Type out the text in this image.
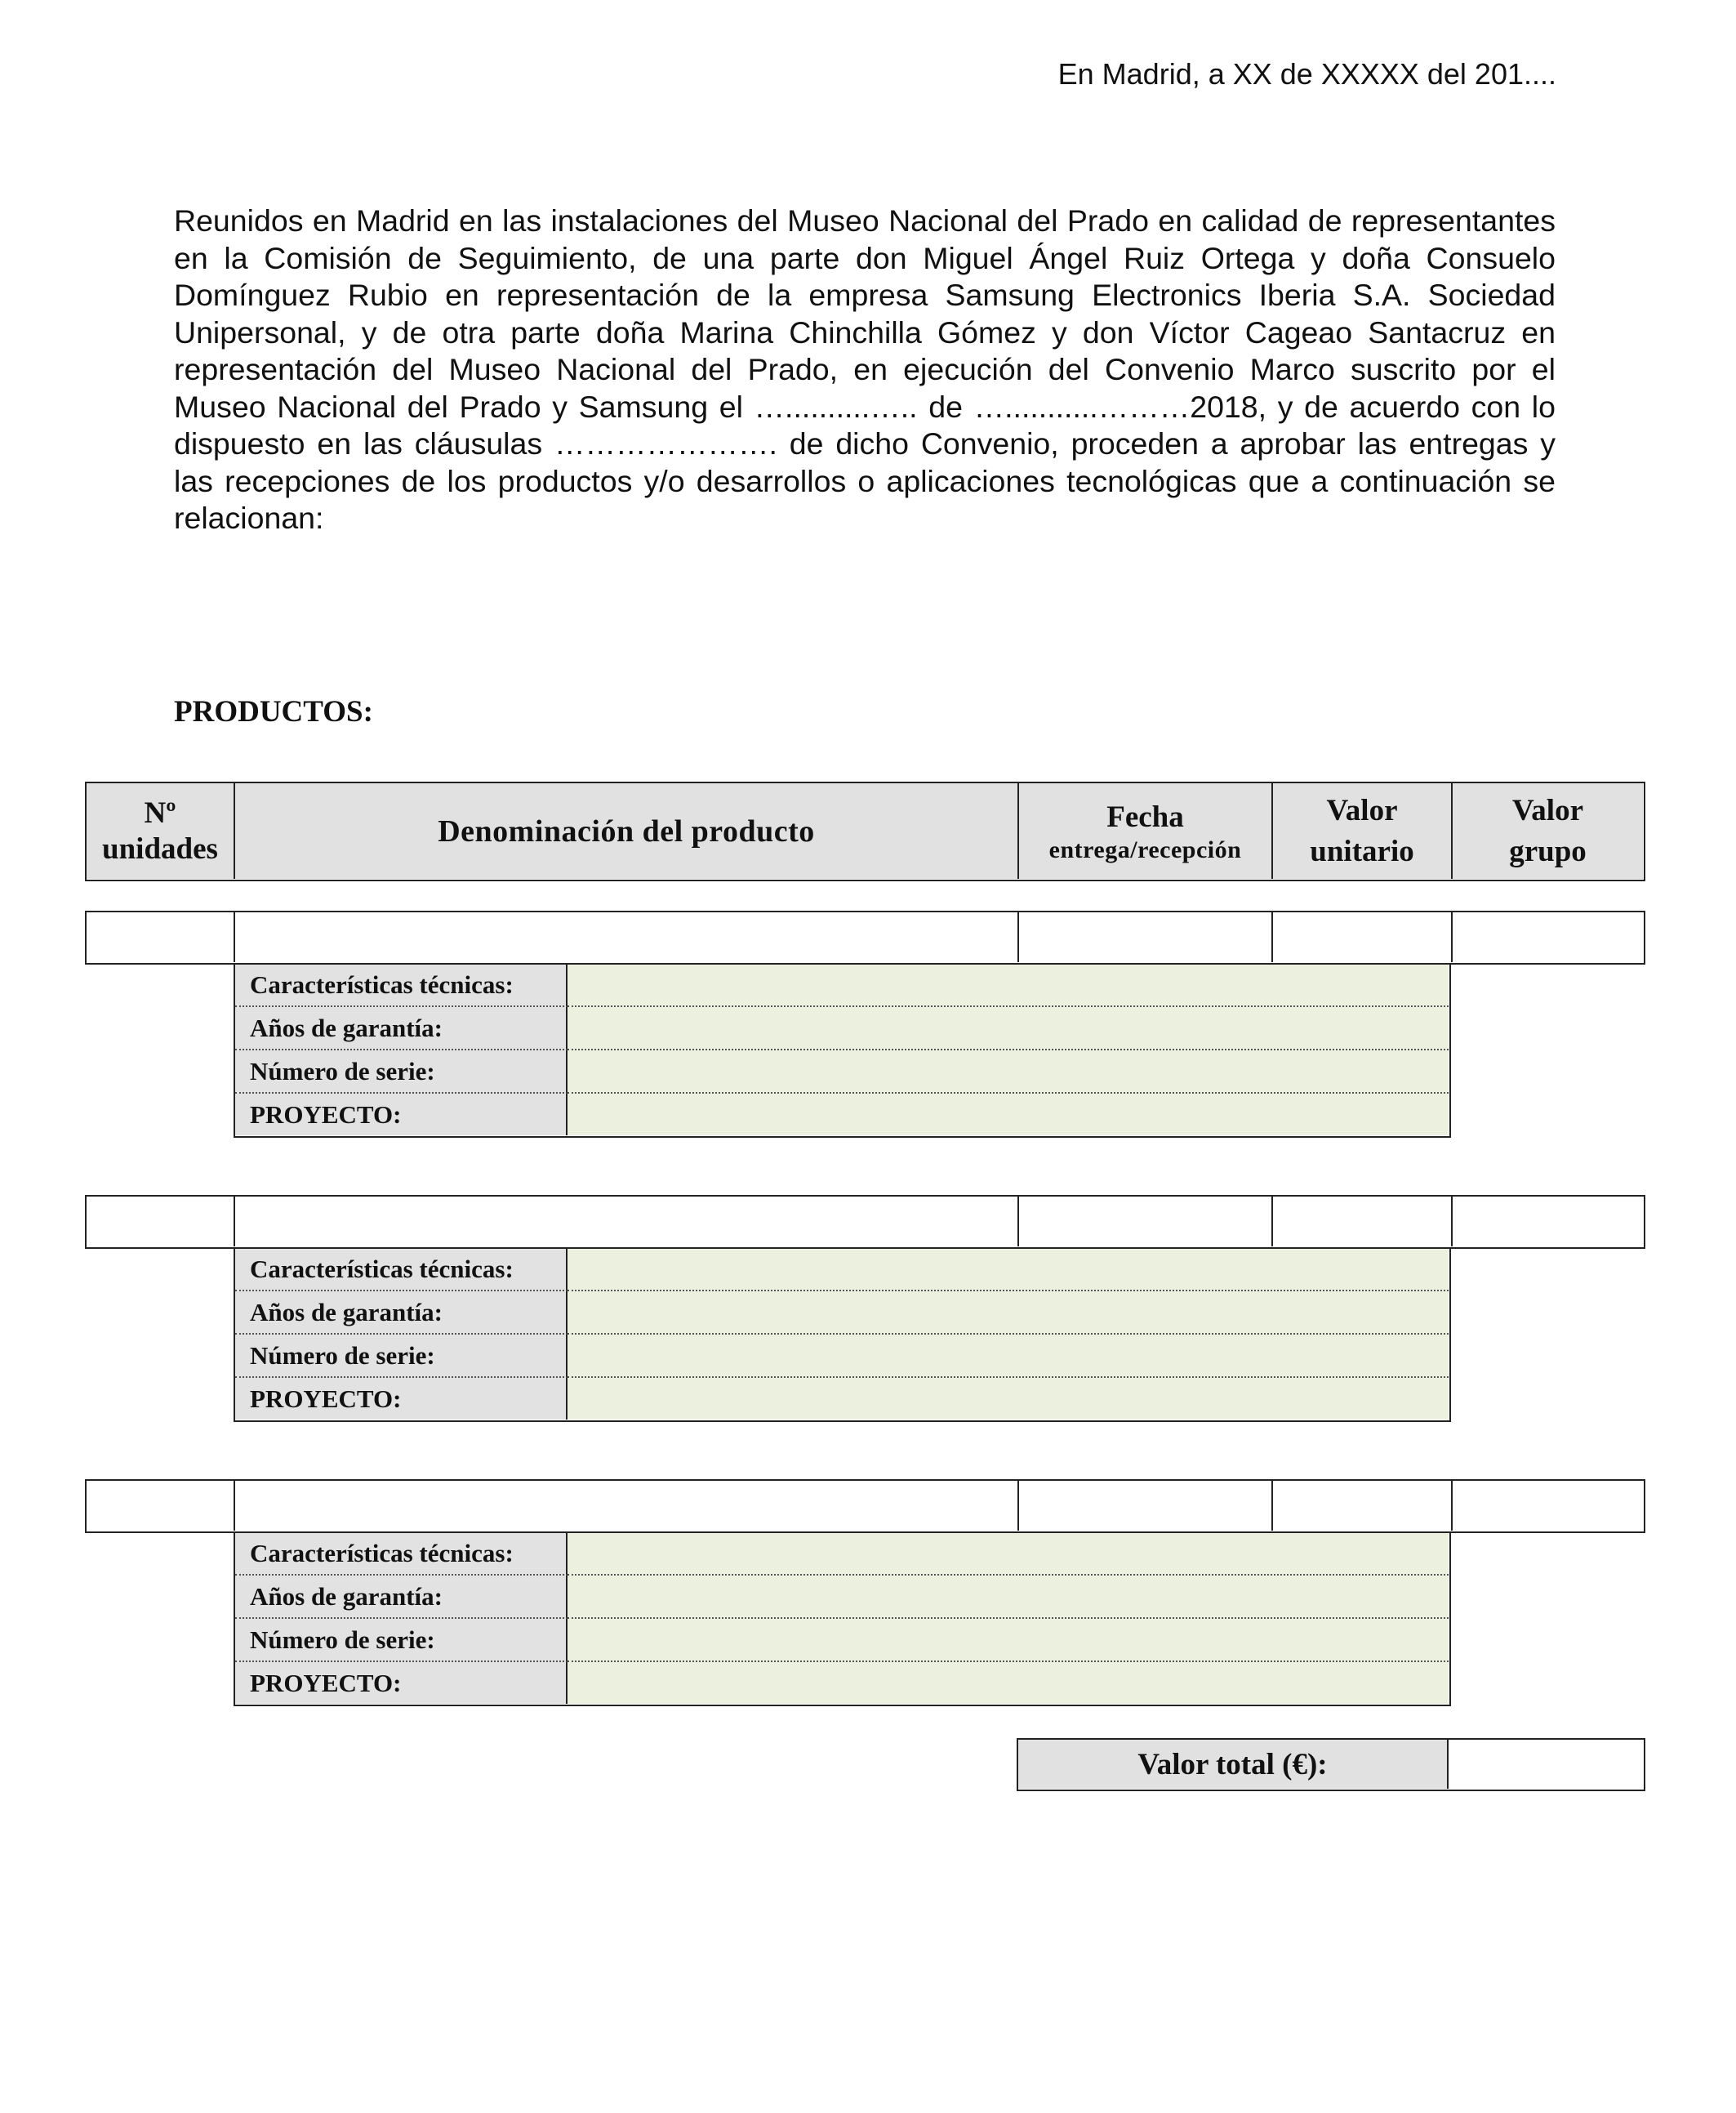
En Madrid, a XX de XXXXX del 201....
Reunidos en Madrid en las instalaciones del Museo Nacional del Prado en calidad de representantes en la Comisión de Seguimiento, de una parte don Miguel Ángel Ruiz Ortega y doña Consuelo Domínguez Rubio en representación de la empresa Samsung Electronics Iberia S.A. Sociedad Unipersonal, y de otra parte doña Marina Chinchilla Gómez y don Víctor Cageao Santacruz en representación del Museo Nacional del Prado, en ejecución del Convenio Marco suscrito por el Museo Nacional del Prado y Samsung el …..........….. de …...........………2018, y de acuerdo con lo dispuesto en las cláusulas …………………. de dicho Convenio, proceden a aprobar las entregas y las recepciones de los productos y/o desarrollos o aplicaciones tecnológicas que a continuación se relacionan:
PRODUCTOS:
Nº
unidades
Denominación del producto	Fecha
entrega/recepción
Valor
unitario
Valor
grupo
Características técnicas:
Años de garantía:
Número de serie:
PROYECTO:
Características técnicas:
Años de garantía:
Número de serie:
PROYECTO:
Características técnicas:
Años de garantía:
Número de serie:
PROYECTO:
Valor total (€):
